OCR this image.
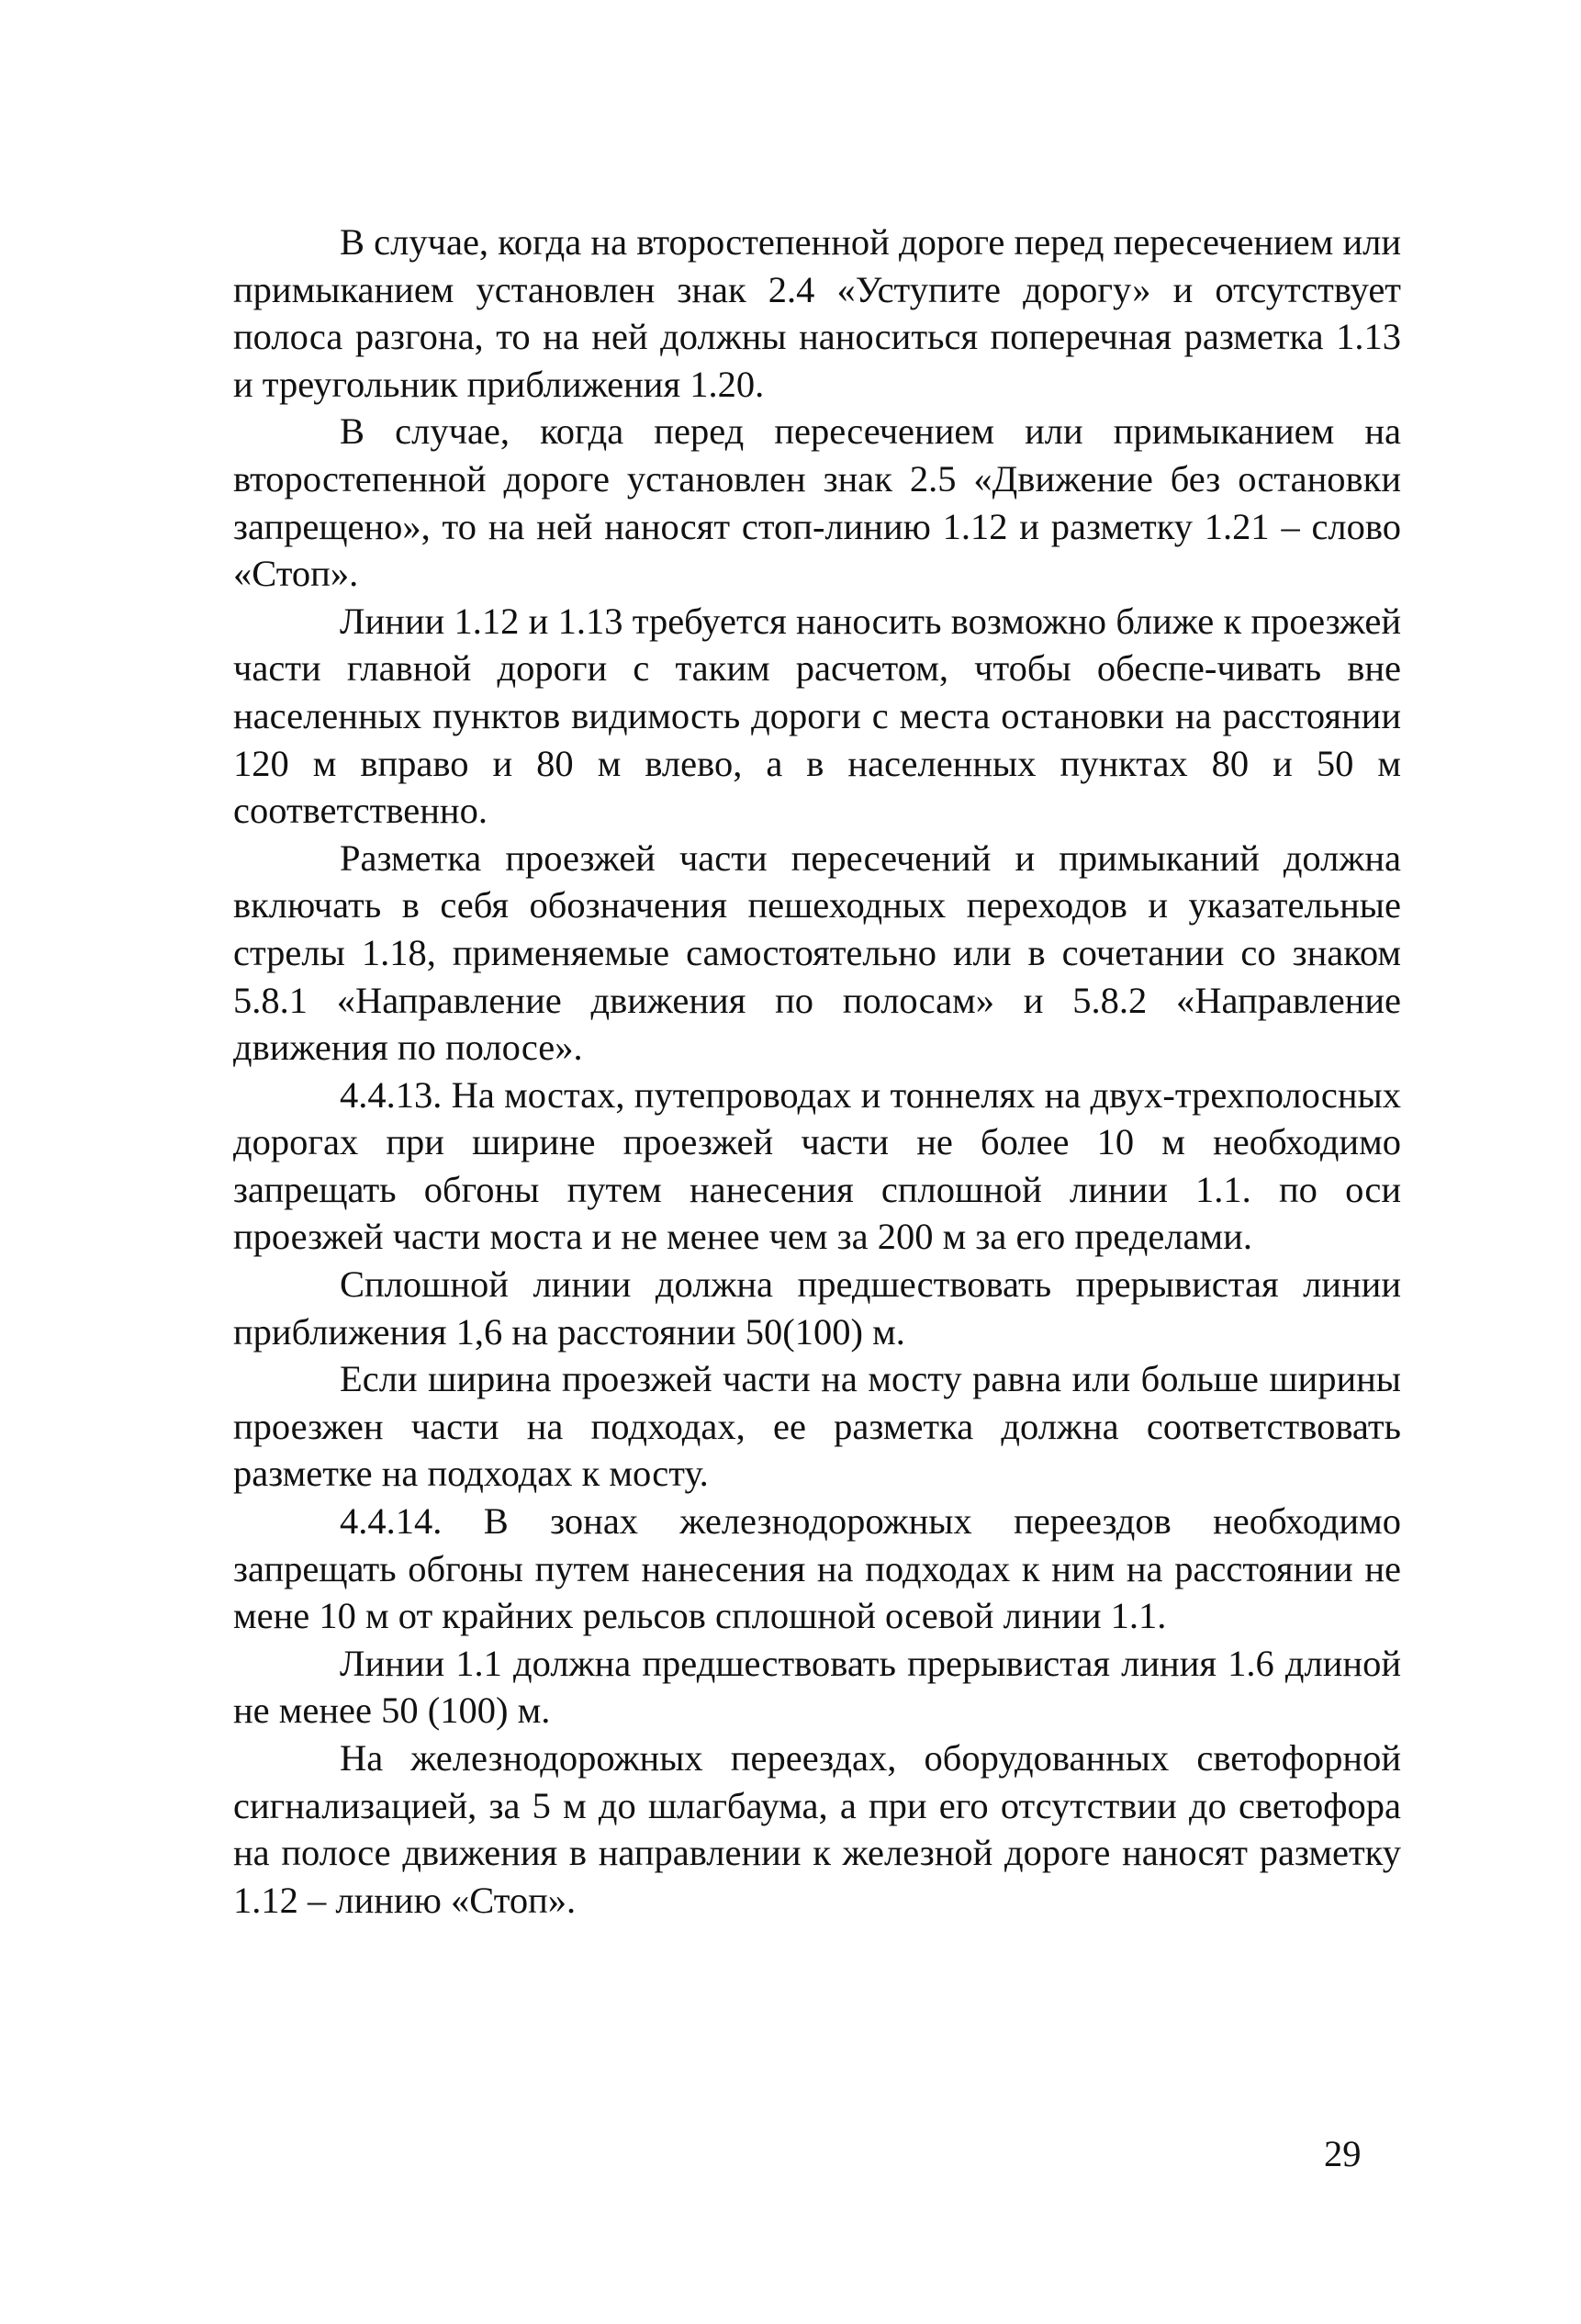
В случае, когда на второстепенной дороге перед пересечением или примыканием установлен знак 2.4 «Уступите дорогу» и отсутствует полоса разгона, то на ней должны наноситься поперечная разметка 1.13 и треугольник приближения 1.20.

В случае, когда перед пересечением или примыканием на второстепенной дороге установлен знак 2.5 «Движение без остановки запрещено», то на ней наносят стоп-линию 1.12 и разметку 1.21 – слово «Стоп».

Линии 1.12 и 1.13 требуется наносить возможно ближе к проезжей части главной дороги с таким расчетом, чтобы обеспе-чивать вне населенных пунктов видимость дороги с места остановки на расстоянии 120 м вправо и 80 м влево, а в населенных пунктах 80 и 50 м соответственно.

Разметка проезжей части пересечений и примыканий должна включать в себя обозначения пешеходных переходов и указательные стрелы 1.18, применяемые самостоятельно или в сочетании со знаком 5.8.1 «Направление движения по полосам» и 5.8.2 «Направление движения по полосе».

4.4.13. На мостах, путепроводах и тоннелях на двух-трехполосных дорогах при ширине проезжей части не более 10 м необходимо запрещать обгоны путем нанесения сплошной линии 1.1. по оси проезжей части моста и не менее чем за 200 м за его пределами.

Сплошной линии должна предшествовать прерывистая линии приближения 1,6 на расстоянии 50(100) м.

Если ширина проезжей части на мосту равна или больше ширины проезжен части на подходах, ее разметка должна соответствовать разметке на подходах к мосту.

4.4.14. В зонах железнодорожных переездов необходимо запрещать обгоны путем нанесения на подходах к ним на расстоянии не мене 10 м от крайних рельсов сплошной осевой линии 1.1.

Линии 1.1 должна предшествовать прерывистая линия 1.6 длиной не менее 50 (100) м.

На железнодорожных переездах, оборудованных светофорной сигнализацией, за 5 м до шлагбаума, а при его отсутствии до светофора на полосе движения в направлении к железной дороге наносят разметку 1.12 – линию «Стоп».

29
